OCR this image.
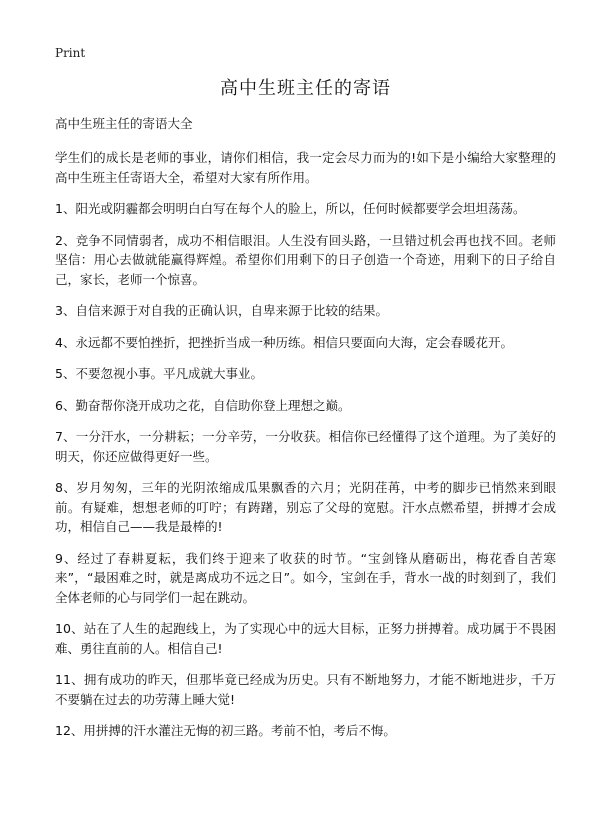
Print
高中生班主任的寄语

高中生班主任的寄语大全

学生们的成长是老师的事业，请你们相信，我一定会尽力而为的!如下是小编给大家整理的高中生班主任寄语大全，希望对大家有所作用。

1、阳光或阴霾都会明明白白写在每个人的脸上，所以，任何时候都要学会坦坦荡荡。

2、竞争不同情弱者，成功不相信眼泪。人生没有回头路，一旦错过机会再也找不回。老师坚信：用心去做就能赢得辉煌。希望你们用剩下的日子创造一个奇迹，用剩下的日子给自己，家长，老师一个惊喜。

3、自信来源于对自我的正确认识，自卑来源于比较的结果。

4、永远都不要怕挫折，把挫折当成一种历练。相信只要面向大海，定会春暖花开。

5、不要忽视小事。平凡成就大事业。

6、勤奋帮你浇开成功之花，自信助你登上理想之巅。

7、一分汗水，一分耕耘；一分辛劳，一分收获。相信你已经懂得了这个道理。为了美好的明天，你还应做得更好一些。

8、岁月匆匆，三年的光阴浓缩成瓜果飘香的六月；光阴荏苒，中考的脚步已悄然来到眼前。有疑难，想想老师的叮咛；有踌躇，别忘了父母的宽慰。汗水点燃希望，拼搏才会成功，相信自己——我是最棒的!

9、经过了春耕夏耘，我们终于迎来了收获的时节。“宝剑锋从磨砺出，梅花香自苦寒来”，“最困难之时，就是离成功不远之日”。如今，宝剑在手，背水一战的时刻到了，我们全体老师的心与同学们一起在跳动。

10、站在了人生的起跑线上，为了实现心中的远大目标，正努力拼搏着。成功属于不畏困难、勇往直前的人。相信自己!

11、拥有成功的昨天，但那毕竟已经成为历史。只有不断地努力，才能不断地进步，千万不要躺在过去的功劳薄上睡大觉!

12、用拼搏的汗水灌注无悔的初三路。考前不怕，考后不悔。
